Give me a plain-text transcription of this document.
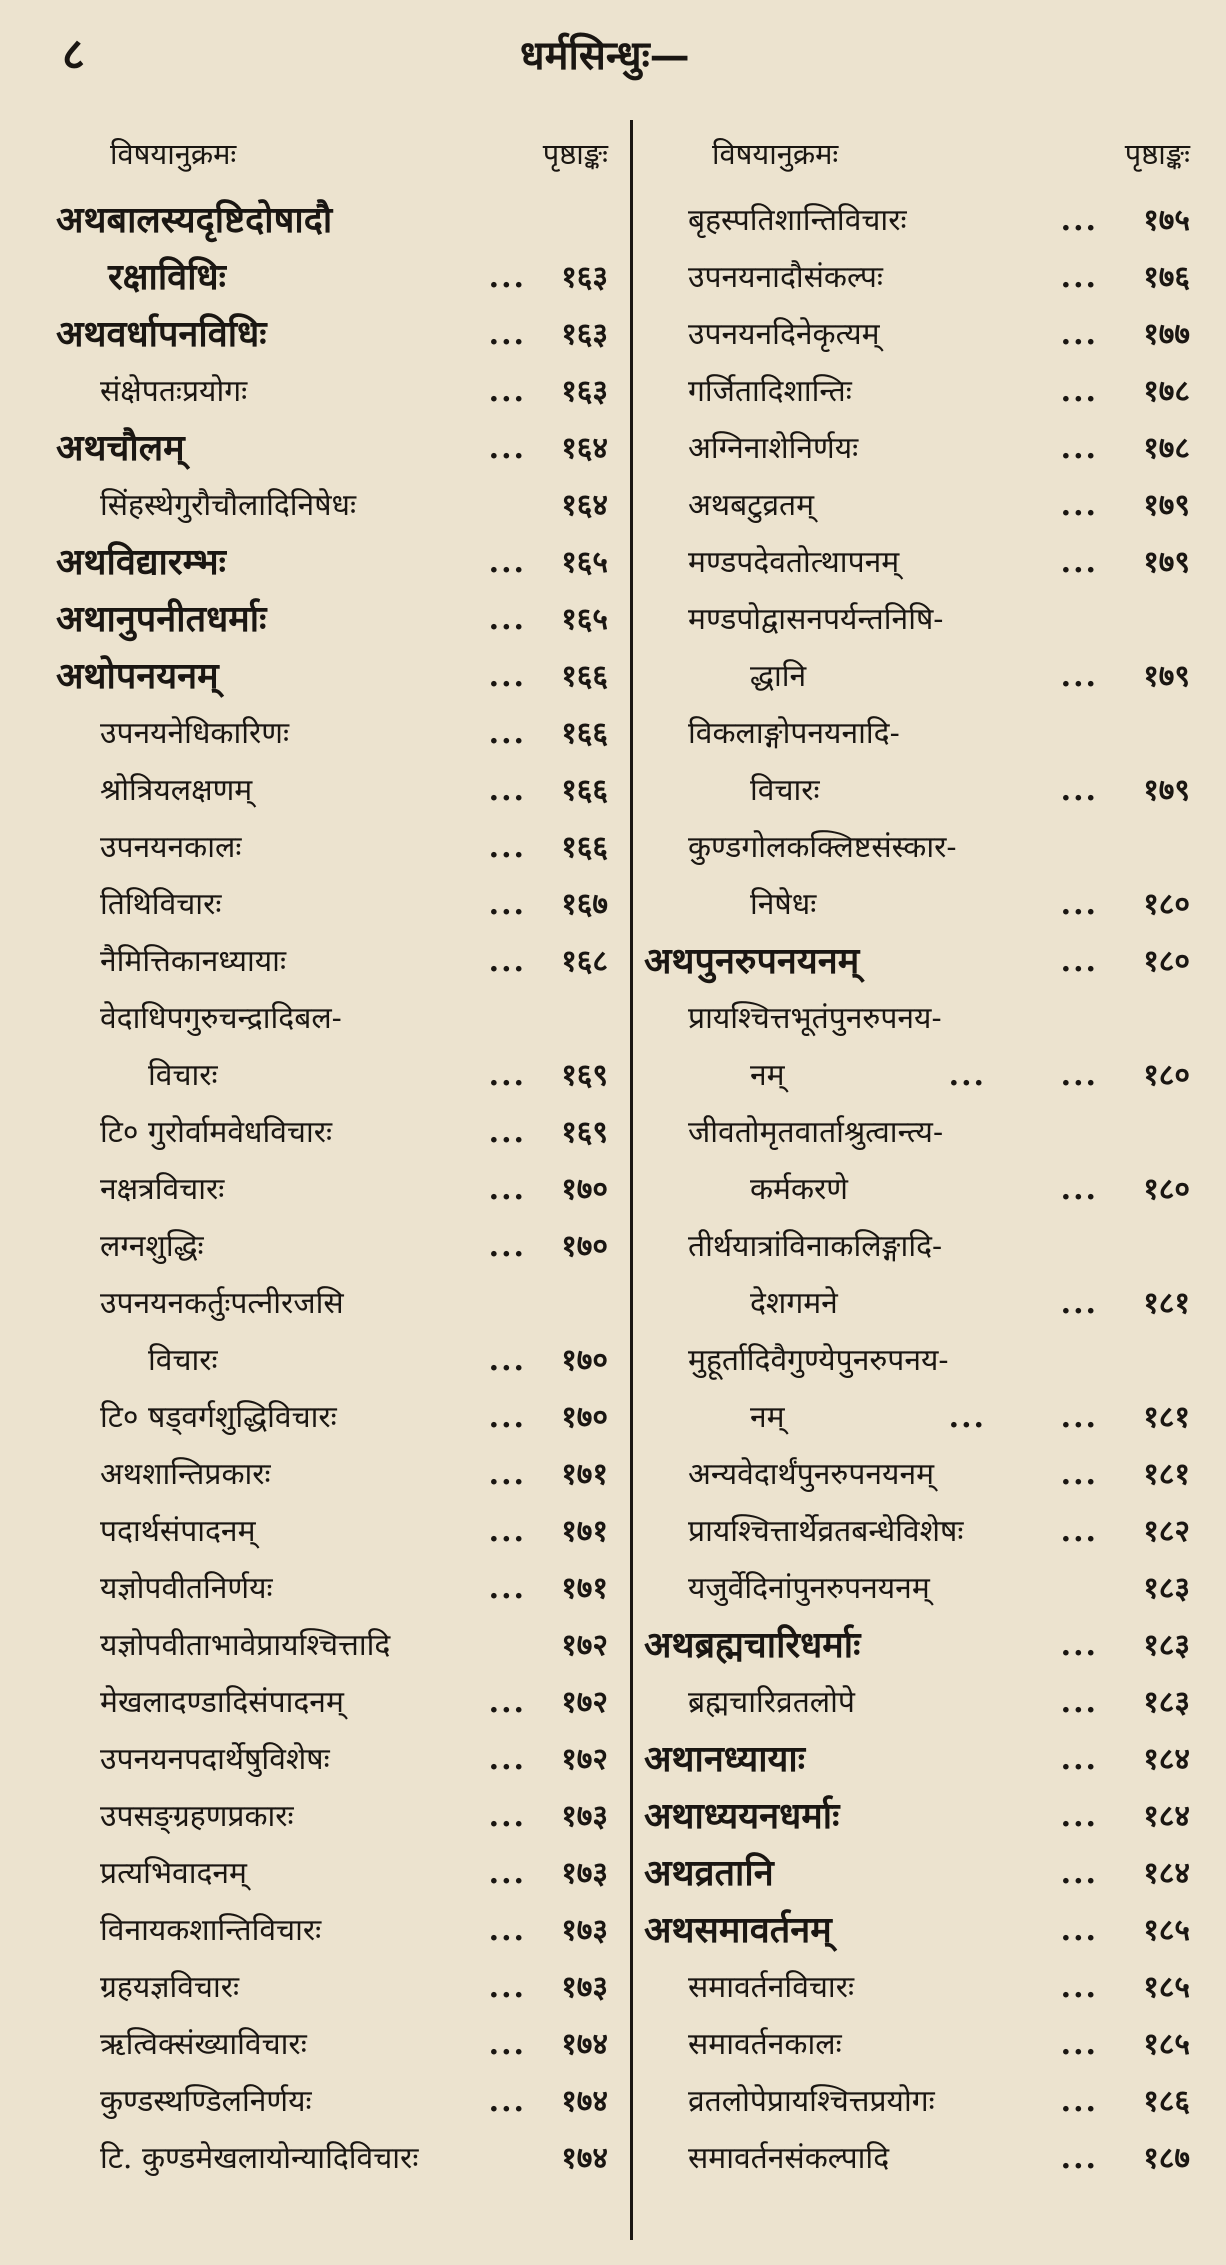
८	धर्मसिन्धुः—
विषयानुक्रमः	पृष्ठाङ्कः
अथबालस्यदृष्टिदोषादौ
रक्षाविधिः	... १६३
अथवर्धापनविधिः	... १६३
संक्षेपतःप्रयोगः	... १६३
अथचौलम्	... १६४
सिंहस्थेगुरौचौलादिनिषेधः	१६४
अथविद्यारम्भः	... १६५
अथानुपनीतधर्माः	... १६५
अथोपनयनम्	... १६६
उपनयनेधिकारिणः	... १६६
श्रोत्रियलक्षणम्	... १६६
उपनयनकालः	... १६६
तिथिविचारः	... १६७
नैमित्तिकानध्यायाः	... १६८
वेदाधिपगुरुचन्द्रादिबल-
विचारः	... १६९
टि० गुरोर्वामवेधविचारः	... १६९
नक्षत्रविचारः	... १७०
लग्नशुद्धिः	... १७०
उपनयनकर्तुःपत्नीरजसि
विचारः	... १७०
टि० षड्वर्गशुद्धिविचारः	... १७०
अथशान्तिप्रकारः	... १७१
पदार्थसंपादनम्	... १७१
यज्ञोपवीतनिर्णयः	... १७१
यज्ञोपवीताभावेप्रायश्चित्तादि	१७२
मेखलादण्डादिसंपादनम्	... १७२
उपनयनपदार्थेषुविशेषः	... १७२
उपसङ्ग्रहणप्रकारः	... १७३
प्रत्यभिवादनम्	... १७३
विनायकशान्तिविचारः	... १७३
ग्रहयज्ञविचारः	... १७३
ऋत्विक्संख्याविचारः	... १७४
कुण्डस्थण्डिलनिर्णयः	... १७४
टि. कुण्डमेखलायोन्यादिविचारः	१७४
विषयानुक्रमः	पृष्ठाङ्कः
बृहस्पतिशान्तिविचारः	... १७५
उपनयनादौसंकल्पः	... १७६
उपनयनदिनेकृत्यम्	... १७७
गर्जितादिशान्तिः	... १७८
अग्निनाशेनिर्णयः	... १७८
अथबटुव्रतम्	... १७९
मण्डपदेवतोत्थापनम्	... १७९
मण्डपोद्वासनपर्यन्तनिषि-
द्धानि	... १७९
विकलाङ्गोपनयनादि-
विचारः	... १७९
कुण्डगोलकक्लिष्टसंस्कार-
निषेधः	... १८०
अथपुनरुपनयनम्	... १८०
प्रायश्चित्तभूतंपुनरुपनय-
नम्	...      ... १८०
जीवतोमृतवार्ताश्रुत्वान्त्य-
कर्मकरणे	... १८०
तीर्थयात्रांविनाकलिङ्गादि-
देशगमने	... १८१
मुहूर्तादिवैगुण्येपुनरुपनय-
नम्	...      ... १८१
अन्यवेदार्थंपुनरुपनयनम्	... १८१
प्रायश्चित्तार्थेव्रतबन्धेविशेषः	... १८२
यजुर्वेदिनांपुनरुपनयनम्	१८३
अथब्रह्मचारिधर्माः	... १८३
ब्रह्मचारिव्रतलोपे	... १८३
अथानध्यायाः	... १८४
अथाध्ययनधर्माः	... १८४
अथव्रतानि	... १८४
अथसमावर्तनम्	... १८५
समावर्तनविचारः	... १८५
समावर्तनकालः	... १८५
व्रतलोपेप्रायश्चित्तप्रयोगः	... १८६
समावर्तनसंकल्पादि	... १८७
